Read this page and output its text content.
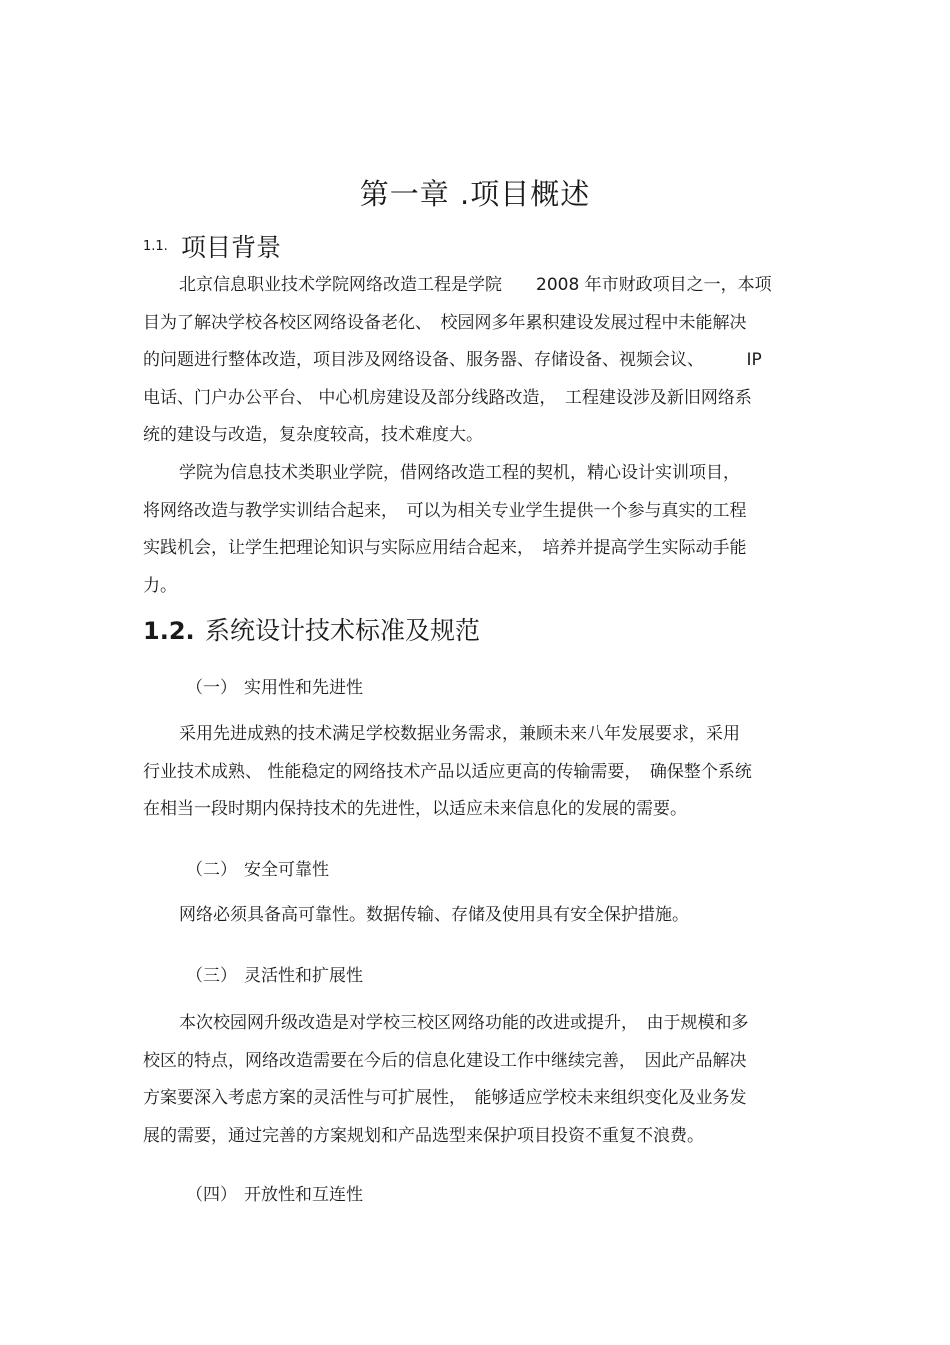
第一章 .项目概述
1.1. 项目背景
北京信息职业技术学院网络改造工程是学院　　2008 年市财政项目之一，本项
目为了解决学校各校区网络设备老化、　校园网多年累积建设发展过程中未能解决
的问题进行整体改造，项目涉及网络设备、服务器、存储设备、视频会议、　　　IP
电话、门户办公平台、 中心机房建设及部分线路改造，　工程建设涉及新旧网络系
统的建设与改造，复杂度较高，技术难度大。
学院为信息技术类职业学院，借网络改造工程的契机，精心设计实训项目，
将网络改造与教学实训结合起来，　可以为相关专业学生提供一个参与真实的工程
实践机会，让学生把理论知识与实际应用结合起来，　培养并提高学生实际动手能
力。
1.2. 系统设计技术标准及规范
（一） 实用性和先进性
采用先进成熟的技术满足学校数据业务需求，兼顾未来八年发展要求，采用
行业技术成熟、 性能稳定的网络技术产品以适应更高的传输需要，　确保整个系统
在相当一段时期内保持技术的先进性，以适应未来信息化的发展的需要。
（二） 安全可靠性
网络必须具备高可靠性。数据传输、存储及使用具有安全保护措施。
（三） 灵活性和扩展性
本次校园网升级改造是对学校三校区网络功能的改进或提升，　由于规模和多
校区的特点，网络改造需要在今后的信息化建设工作中继续完善，　因此产品解决
方案要深入考虑方案的灵活性与可扩展性，　能够适应学校未来组织变化及业务发
展的需要，通过完善的方案规划和产品选型来保护项目投资不重复不浪费。
（四） 开放性和互连性
